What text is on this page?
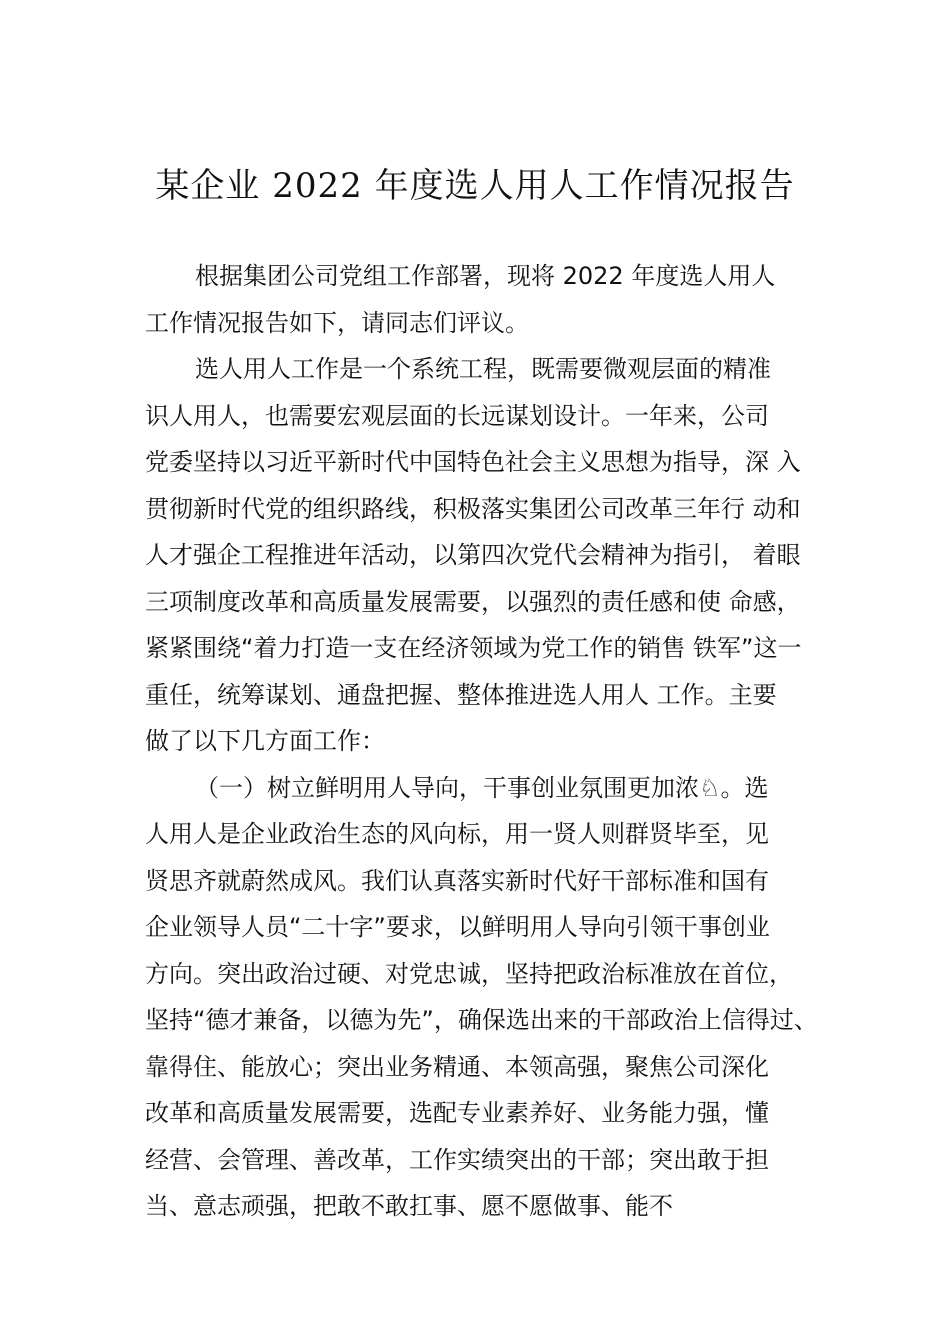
某企业 2022 年度选人用人工作情况报告
根据集团公司党组工作部署，现将 2022 年度选人用人
工作情况报告如下，请同志们评议。
选人用人工作是一个系统工程，既需要微观层面的精准
识人用人，也需要宏观层面的长远谋划设计。一年来，公司
党委坚持以习近平新时代中国特色社会主义思想为指导，深 入
贯彻新时代党的组织路线，积极落实集团公司改革三年行 动和
人才强企工程推进年活动，以第四次党代会精神为指引， 着眼
三项制度改革和高质量发展需要，以强烈的责任感和使 命感，
紧紧围绕“着力打造一支在经济领域为党工作的销售 铁军”这一
重任，统筹谋划、通盘把握、整体推进选人用人 工作。主要
做了以下几方面工作：
（一）树立鲜明用人导向，干事创业氛围更加浓♘。选
人用人是企业政治生态的风向标，用一贤人则群贤毕至，见
贤思齐就蔚然成风。我们认真落实新时代好干部标准和国有
企业领导人员“二十字”要求，以鲜明用人导向引领干事创业
方向。突出政治过硬、对党忠诚，坚持把政治标准放在首位，
坚持“德才兼备，以德为先”，确保选出来的干部政治上信得过、
靠得住、能放心；突出业务精通、本领高强，聚焦公司深化
改革和高质量发展需要，选配专业素养好、业务能力强，懂
经营、会管理、善改革，工作实绩突出的干部；突出敢于担
当、意志顽强，把敢不敢扛事、愿不愿做事、能不
